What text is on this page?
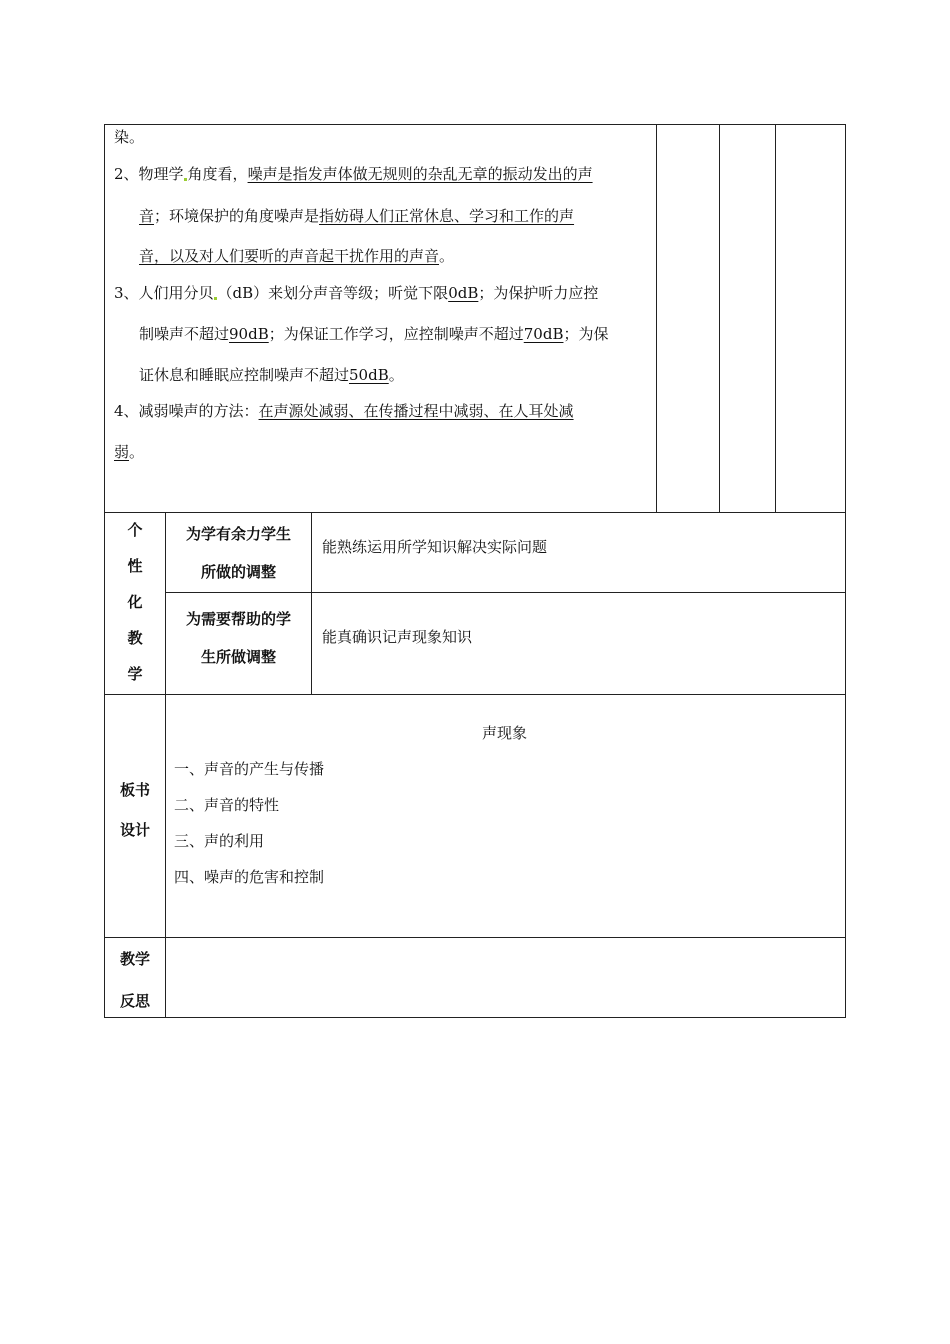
染。
2、物理学 角度看，噪声是指发声体做无规则的杂乱无章的振动发出的声
音；环境保护的角度噪声是指妨碍人们正常休息、学习和工作的声
音，以及对人们要听的声音起干扰作用的声音。
3、人们用分贝 （dB）来划分声音等级；听觉下限0dB；为保护听力应控
制噪声不超过90dB；为保证工作学习，应控制噪声不超过70dB；为保
证休息和睡眠应控制噪声不超过50dB。
4、减弱噪声的方法：在声源处减弱、在传播过程中减弱、在人耳处减
弱。
个
性
化
教
学
为学有余力学生
所做的调整
能熟练运用所学知识解决实际问题
为需要帮助的学
生所做调整
能真确识记声现象知识
板书
设计
声现象
一、声音的产生与传播
二、声音的特性
三、声的利用
四、噪声的危害和控制
教学
反思
